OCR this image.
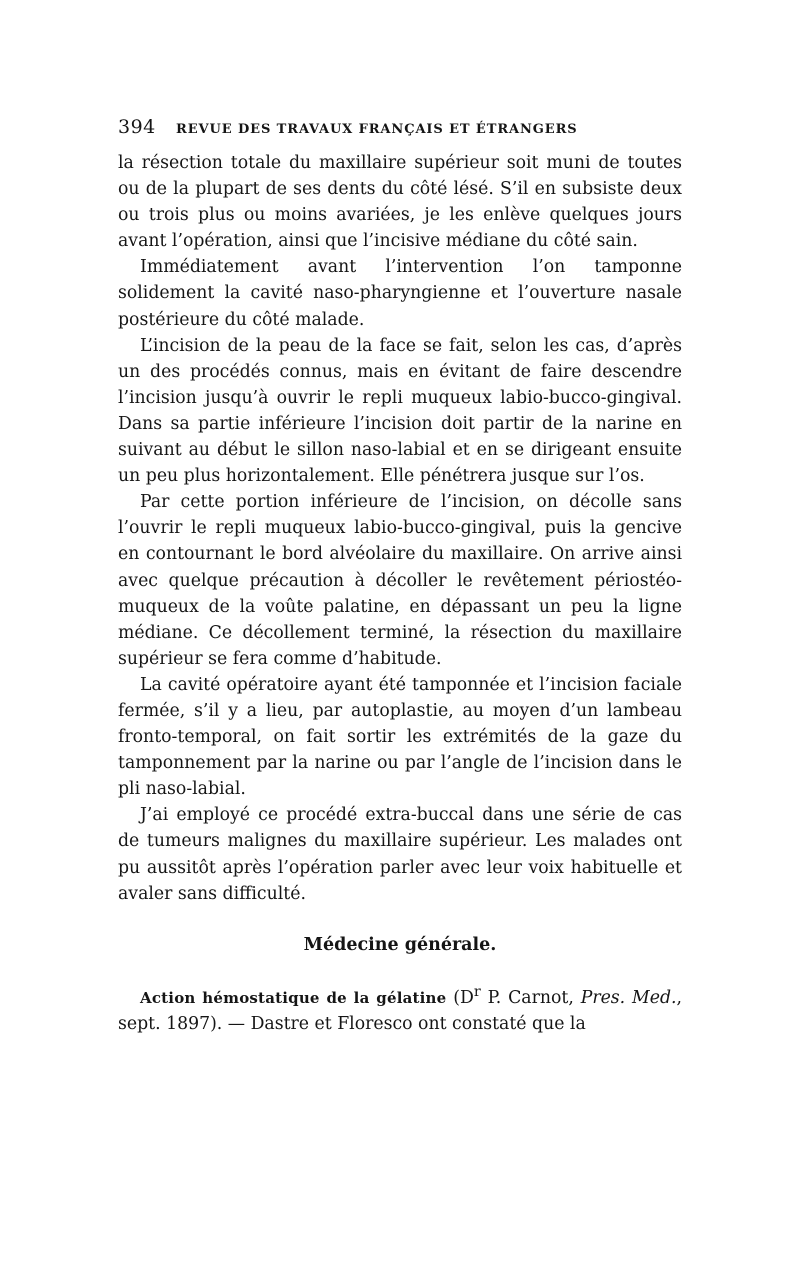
394	REVUE DES TRAVAUX FRANÇAIS ET ÉTRANGERS

la résection totale du maxillaire supérieur soit muni de toutes ou de la plupart de ses dents du côté lésé. S’il en subsiste deux ou trois plus ou moins avariées, je les enlève quelques jours avant l’opération, ainsi que l’incisive médiane du côté sain.

Immédiatement avant l’intervention l’on tamponne solidement la cavité naso-pharyngienne et l’ouverture nasale postérieure du côté malade.

L’incision de la peau de la face se fait, selon les cas, d’après un des procédés connus, mais en évitant de faire descendre l’incision jusqu’à ouvrir le repli muqueux labio-bucco-gingival. Dans sa partie inférieure l’incision doit partir de la narine en suivant au début le sillon naso-labial et en se dirigeant ensuite un peu plus horizontalement. Elle pénétrera jusque sur l’os.

Par cette portion inférieure de l’incision, on décolle sans l’ouvrir le repli muqueux labio-bucco-gingival, puis la gencive en contournant le bord alvéolaire du maxillaire. On arrive ainsi avec quelque précaution à décoller le revêtement périostéo-muqueux de la voûte palatine, en dépassant un peu la ligne médiane. Ce décollement terminé, la résection du maxillaire supérieur se fera comme d’habitude.

La cavité opératoire ayant été tamponnée et l’incision faciale fermée, s’il y a lieu, par autoplastie, au moyen d’un lambeau fronto-temporal, on fait sortir les extrémités de la gaze du tamponnement par la narine ou par l’angle de l’incision dans le pli naso-labial.

J’ai employé ce procédé extra-buccal dans une série de cas de tumeurs malignes du maxillaire supérieur. Les malades ont pu aussitôt après l’opération parler avec leur voix habituelle et avaler sans difficulté.

Médecine générale.

Action hémostatique de la gélatine ($D^r$ P. Carnot, Pres. Med., sept. 1897). — Dastre et Floresco ont constaté que la
